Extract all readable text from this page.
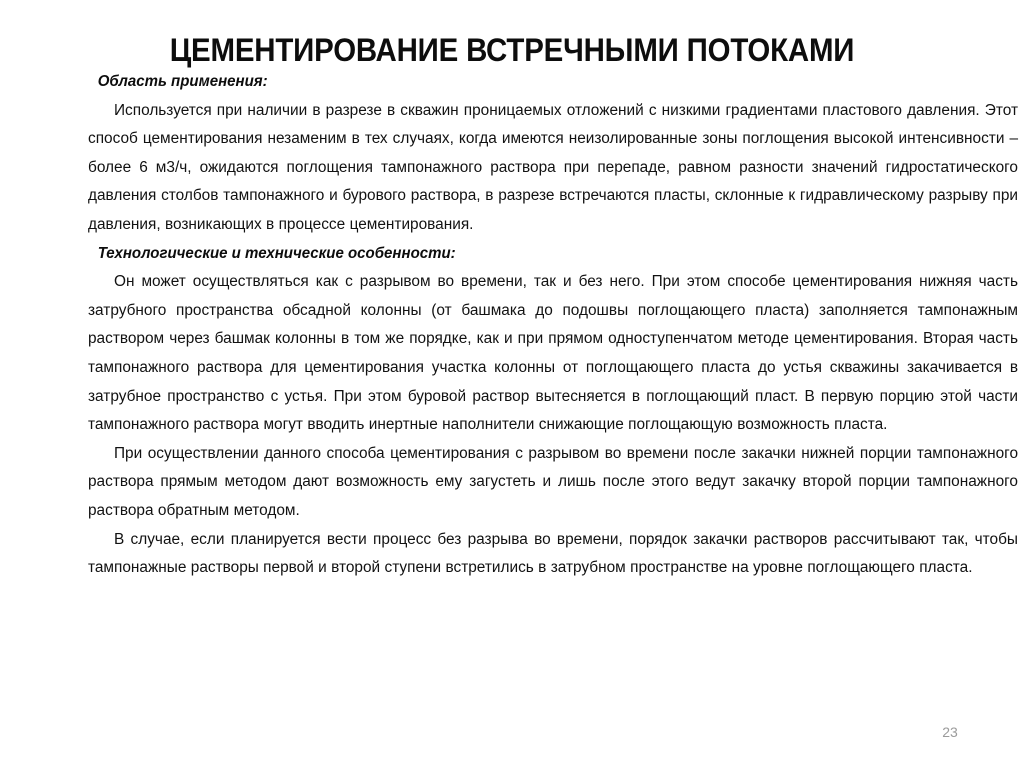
ЦЕМЕНТИРОВАНИЕ ВСТРЕЧНЫМИ ПОТОКАМИ

Область применения:

Используется при наличии в разрезе в скважин проницаемых отложений с низкими градиентами пластового давления. Этот способ цементирования незаменим в тех случаях, когда имеются неизолированные зоны поглощения высокой интенсивности – более 6 м3/ч, ожидаются поглощения тампонажного раствора при перепаде, равном разности значений гидростатического давления столбов тампонажного и бурового раствора, в разрезе встречаются пласты, склонные к гидравлическому разрыву при давления, возникающих в процессе цементирования.

Технологические и технические особенности:

Он может осуществляться как с разрывом во времени, так и без него. При этом способе цементирования нижняя часть затрубного пространства обсадной колонны (от башмака до подошвы поглощающего пласта) заполняется тампонажным раствором через башмак колонны в том же порядке, как и при прямом одноступенчатом методе цементирования. Вторая часть тампонажного раствора для цементирования участка колонны от поглощающего пласта до устья скважины закачивается в затрубное пространство с устья. При этом буровой раствор вытесняется в поглощающий пласт. В первую порцию этой части тампонажного раствора могут вводить инертные наполнители снижающие поглощающую возможность пласта.

При осуществлении данного способа цементирования с разрывом во времени после закачки нижней порции тампонажного раствора прямым методом дают возможность ему загустеть и лишь после этого ведут закачку второй порции тампонажного раствора обратным методом.

В случае, если планируется вести процесс без разрыва во времени, порядок закачки растворов рассчитывают так, чтобы тампонажные растворы первой и второй ступени встретились в затрубном пространстве на уровне поглощающего пласта.

23
